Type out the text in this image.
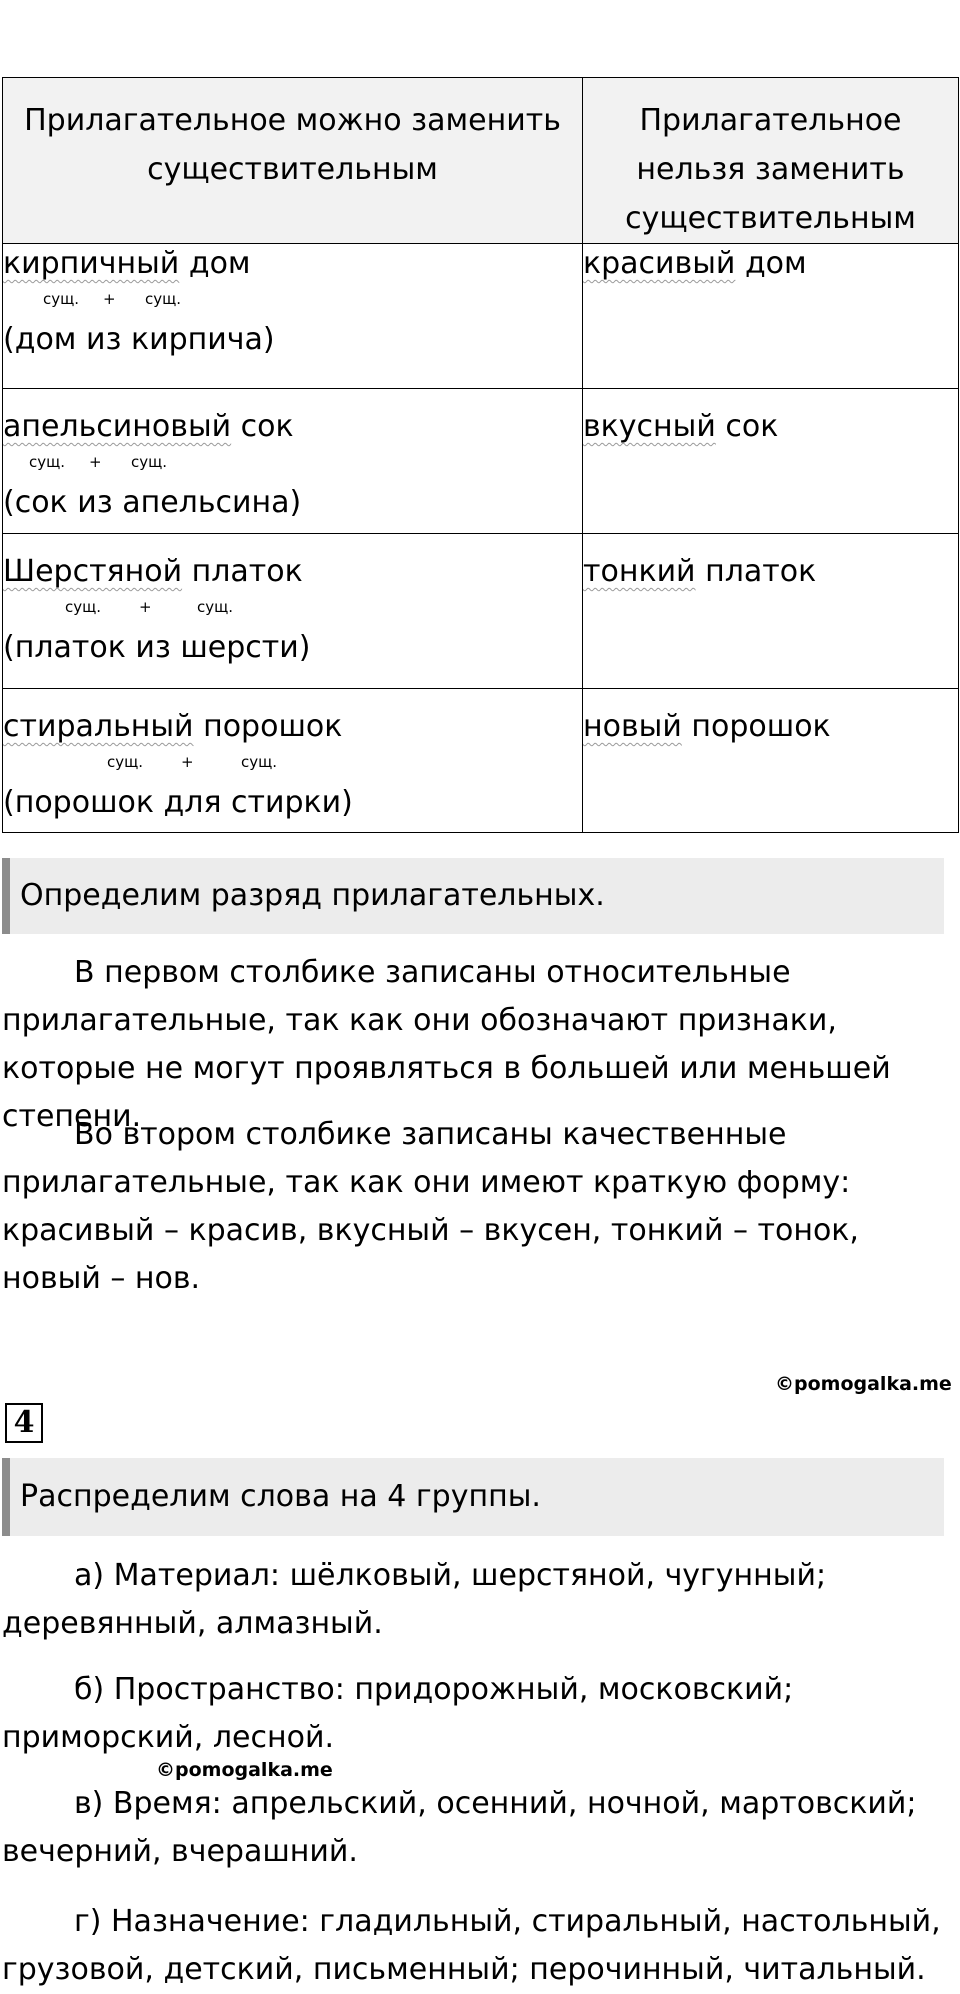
Прилагательное можно заменить существительным	Прилагательное нельзя заменить существительным

кирпичный дом
сущ. + сущ.
(дом из кирпича)	красивый дом

апельсиновый сок
сущ. + сущ.
(сок из апельсина)	вкусный сок

Шерстяной платок
сущ. + сущ.
(платок из шерсти)	тонкий платок

стиральный порошок
сущ. + сущ.
(порошок для стирки)	новый порошок
Определим разряд прилагательных.

В первом столбике записаны относительные прилагательные, так как они обозначают признаки, которые не могут проявляться в большей или меньшей степени.

Во втором столбике записаны качественные прилагательные, так как они имеют краткую форму: красивый – красив, вкусный – вкусен, тонкий – тонок, новый – нов.

©pomogalka.me
4
Распределим слова на 4 группы.

а) Материал: шёлковый, шерстяной, чугунный; деревянный, алмазный.

б) Пространство: придорожный, московский; приморский, лесной.

©pomogalka.me

в) Время: апрельский, осенний, ночной, мартовский; вечерний, вчерашний.

г) Назначение: гладильный, стиральный, настольный, грузовой, детский, письменный; перочинный, читальный.
